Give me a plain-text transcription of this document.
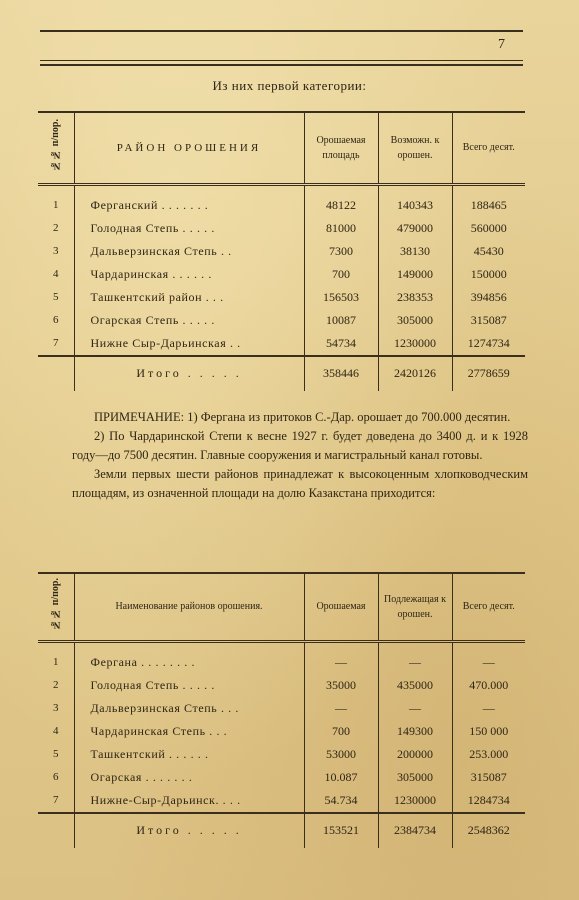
7
Из них первой категории:
№№ п/пор.	РАЙОН ОРОШЕНИЯ	Орошаемая площадь	Возможн. к орошен.	Всего десят.
1	Ферганский . . . . . . .	48122	140343	188465
2	Голодная Степь . . . . .	81000	479000	560000
3	Дальверзинская Степь . .	7300	38130	45430
4	Чардаринская . . . . . .	700	149000	150000
5	Ташкентский район . . .	156503	238353	394856
6	Огарская Степь . . . . .	10087	305000	315087
7	Нижне Сыр-Дарьинская . .	54734	1230000	1274734
	Итого . . . . .	358446	2420126	2778659

ПРИМЕЧАНИЕ: 1) Фергана из притоков С.-Дар. орошает до 700.000 десятин.

2) По Чардаринской Степи к весне 1927 г. будет доведена до 3400 д. и к 1928 году—до 7500 десятин. Главные сооружения и магистральный канал готовы.

Земли первых шести районов принадлежат к высокоценным хлопководческим площадям, из означенной площади на долю Казакстана приходится:

№№ п/пор.	Наименование районов орошения.	Орошаемая	Подлежащая к орошен.	Всего десят.
1	Фергана . . . . . . . .	—	—	—
2	Голодная Степь . . . . .	35000	435000	470.000
3	Дальверзинская Степь . . .	—	—	—
4	Чардаринская Степь . . .	700	149300	150 000
5	Ташкентский . . . . . .	53000	200000	253.000
6	Огарская . . . . . . .	10.087	305000	315087
7	Нижне-Сыр-Дарьинск. . . .	54.734	1230000	1284734
	Итого . . . . .	153521	2384734	2548362
